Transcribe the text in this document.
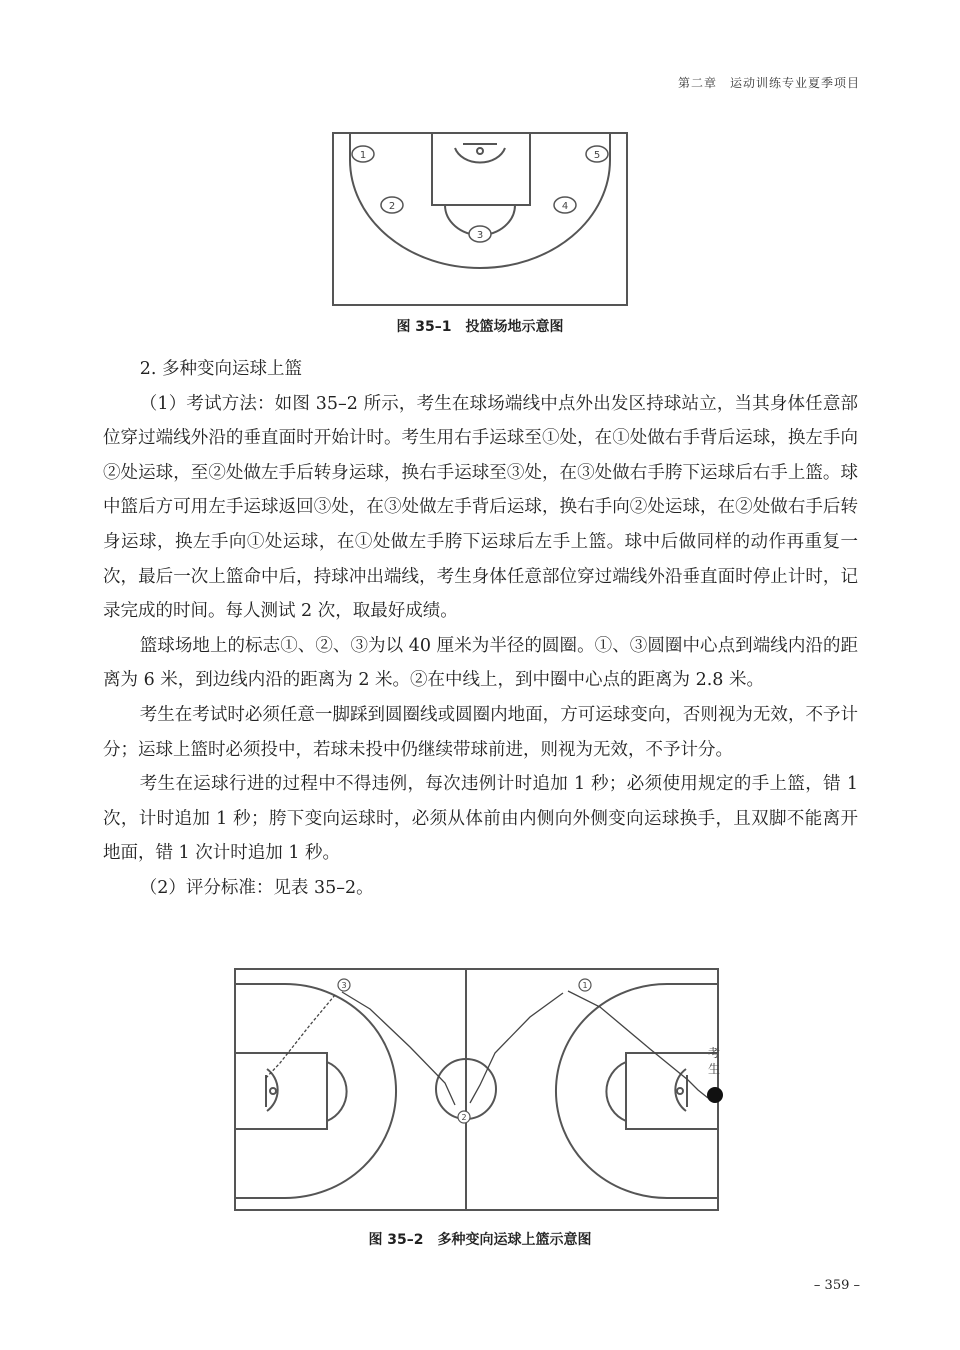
第二章　运动训练专业夏季项目
1
2
3
4
5
图 35–1　投篮场地示意图

2. 多种变向运球上篮

（1）考试方法：如图 35–2 所示，考生在球场端线中点外出发区持球站立，当其身体任意部位穿过端线外沿的垂直面时开始计时。考生用右手运球至①处，在①处做右手背后运球，换左手向②处运球，至②处做左手后转身运球，换右手运球至③处，在③处做右手胯下运球后右手上篮。球中篮后方可用左手运球返回③处，在③处做左手背后运球，换右手向②处运球，在②处做右手后转身运球，换左手向①处运球，在①处做左手胯下运球后左手上篮。球中后做同样的动作再重复一次，最后一次上篮命中后，持球冲出端线，考生身体任意部位穿过端线外沿垂直面时停止计时，记录完成的时间。每人测试 2 次，取最好成绩。

篮球场地上的标志①、②、③为以 40 厘米为半径的圆圈。①、③圆圈中心点到端线内沿的距离为 6 米，到边线内沿的距离为 2 米。②在中线上，到中圈中心点的距离为 2.8 米。

考生在考试时必须任意一脚踩到圆圈线或圆圈内地面，方可运球变向，否则视为无效，不予计分；运球上篮时必须投中，若球未投中仍继续带球前进，则视为无效，不予计分。

考生在运球行进的过程中不得违例，每次违例计时追加 1 秒；必须使用规定的手上篮，错 1 次，计时追加 1 秒；胯下变向运球时，必须从体前由内侧向外侧变向运球换手，且双脚不能离开地面，错 1 次计时追加 1 秒。

（2）评分标准：见表 35–2。

3
2
1
考生
图 35–2　多种变向运球上篮示意图
– 359 –
